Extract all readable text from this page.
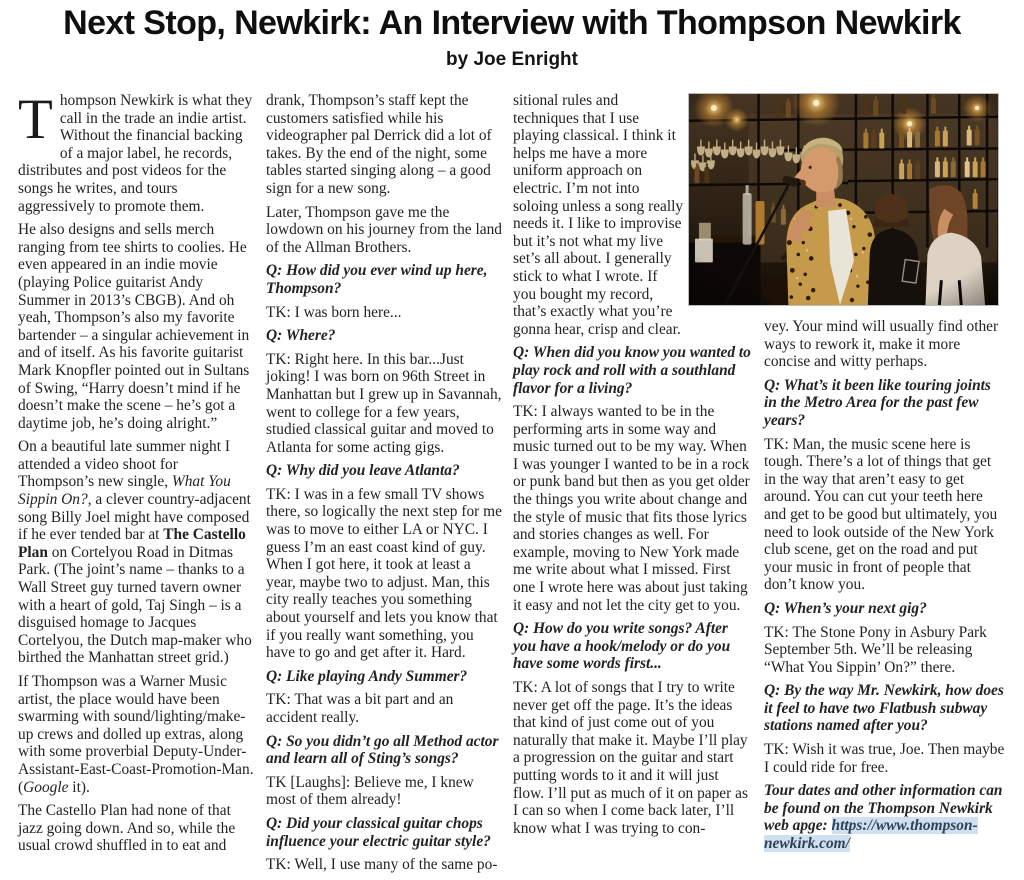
Next Stop, Newkirk: An Interview with Thompson Newkirk
by Joe Enright

Thompson Newkirk is what they call in the trade an indie artist. Without the financial backing of a major label, he records, distributes and post videos for the songs he writes, and tours aggressively to promote them.

He also designs and sells merch ranging from tee shirts to coolies. He even appeared in an indie movie (playing Police guitarist Andy Summer in 2013’s CBGB). And oh yeah, Thompson’s also my favorite bartender – a singular achievement in and of itself. As his favorite guitarist Mark Knopfler pointed out in Sultans of Swing, “Harry doesn’t mind if he doesn’t make the scene – he’s got a daytime job, he’s doing alright.”

On a beautiful late summer night I attended a video shoot for Thompson’s new single, What You Sippin On?, a clever country-adjacent song Billy Joel might have composed if he ever tended bar at The Castello Plan on Cortelyou Road in Ditmas Park. (The joint’s name – thanks to a Wall Street guy turned tavern owner with a heart of gold, Taj Singh – is a disguised homage to Jacques Cortelyou, the Dutch map-maker who birthed the Manhattan street grid.)

If Thompson was a Warner Music artist, the place would have been swarming with sound/lighting/make-up crews and dolled up extras, along with some proverbial Deputy-Under-Assistant-East-Coast-Promotion-Man. (Google it).

The Castello Plan had none of that jazz going down. And so, while the usual crowd shuffled in to eat and

drank, Thompson’s staff kept the customers satisfied while his videographer pal Derrick did a lot of takes. By the end of the night, some tables started singing along – a good sign for a new song.

Later, Thompson gave me the lowdown on his journey from the land of the Allman Brothers.

Q: How did you ever wind up here, Thompson?

TK: I was born here...

Q: Where?

TK: Right here. In this bar...Just joking! I was born on 96th Street in Manhattan but I grew up in Savannah, went to college for a few years, studied classical guitar and moved to Atlanta for some acting gigs.

Q: Why did you leave Atlanta?

TK: I was in a few small TV shows there, so logically the next step for me was to move to either LA or NYC. I guess I’m an east coast kind of guy. When I got here, it took at least a year, maybe two to adjust. Man, this city really teaches you something about yourself and lets you know that if you really want something, you have to go and get after it. Hard.

Q: Like playing Andy Summer?

TK: That was a bit part and an accident really.

Q: So you didn’t go all Method actor and learn all of Sting’s songs?

TK [Laughs]: Believe me, I knew most of them already!

Q: Did your classical guitar chops influence your electric guitar style?

TK: Well, I use many of the same po-

sitional rules and techniques that I use playing classical. I think it helps me have a more uniform approach on electric. I’m not into soloing unless a song really needs it. I like to improvise but it’s not what my live set’s all about. I generally stick to what I wrote. If you bought my record, that’s exactly what you’re gonna hear, crisp and clear.

Q: When did you know you wanted to play rock and roll with a southland flavor for a living?

TK: I always wanted to be in the performing arts in some way and music turned out to be my way. When I was younger I wanted to be in a rock or punk band but then as you get older the things you write about change and the style of music that fits those lyrics and stories changes as well. For example, moving to New York made me write about what I missed. First one I wrote here was about just taking it easy and not let the city get to you.

Q: How do you write songs? After you have a hook/melody or do you have some words first...

TK: A lot of songs that I try to write never get off the page. It’s the ideas that kind of just come out of you naturally that make it. Maybe I’ll play a progression on the guitar and start putting words to it and it will just flow. I’ll put as much of it on paper as I can so when I come back later, I’ll know what I was trying to con-

vey. Your mind will usually find other ways to rework it, make it more concise and witty perhaps.

Q: What’s it been like touring joints in the Metro Area for the past few years?

TK: Man, the music scene here is tough. There’s a lot of things that get in the way that aren’t easy to get around. You can cut your teeth here and get to be good but ultimately, you need to look outside of the New York club scene, get on the road and put your music in front of people that don’t know you.

Q: When’s your next gig?

TK: The Stone Pony in Asbury Park September 5th. We’ll be releasing “What You Sippin’ On?” there.

Q: By the way Mr. Newkirk, how does it feel to have two Flatbush subway stations named after you?

TK: Wish it was true, Joe. Then maybe I could ride for free.

Tour dates and other information can be found on the Thompson Newkirk web apge: https://www.thompson-newkirk.com/
